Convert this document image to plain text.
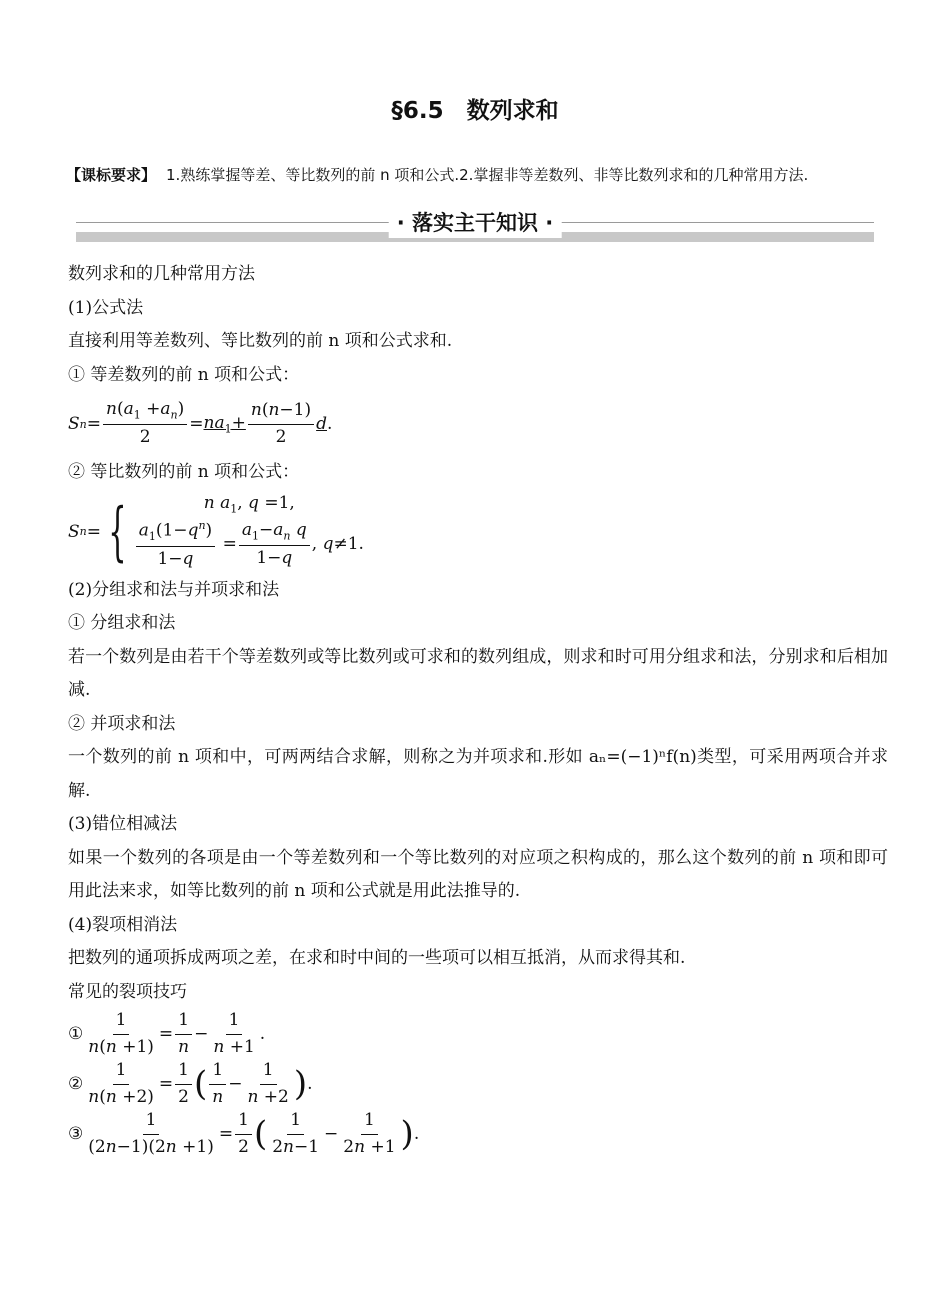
§6.5　数列求和
【课标要求】 1.熟练掌握等差、等比数列的前 n 项和公式.2.掌握非等差数列、非等比数列求和的几种常用方法.
· 落实主干知识 ·
数列求和的几种常用方法
(1)公式法
直接利用等差数列、等比数列的前 n 项和公式求和.
① 等差数列的前 n 项和公式：
S $n = \frac{n(a_1 +a_n)}{2} = na_1+ \frac{n(n-1)}{2}$ d .
② 等比数列的前 n 项和公式：
S n = {	n $a_1$, q =1,
$\frac{a_1(1-q^n)}{1-q} = \frac{a_1-a_n q}{1-q}$ , q≠1.
(2)分组求和法与并项求和法
① 分组求和法
若一个数列是由若干个等差数列或等比数列或可求和的数列组成，则求和时可用分组求和法，分别求和后相加减.
② 并项求和法
一个数列的前 n 项和中，可两两结合求解，则称之为并项求和.形如 aₙ=(−1)ⁿf(n)类型，可采用两项合并求解.
(3)错位相减法
如果一个数列的各项是由一个等差数列和一个等比数列的对应项之积构成的，那么这个数列的前 n 项和即可用此法来求，如等比数列的前 n 项和公式就是用此法推导的.
(4)裂项相消法
把数列的通项拆成两项之差，在求和时中间的一些项可以相互抵消，从而求得其和.
常见的裂项技巧
① $\frac{1}{n(n +1)} = \frac{1}{n} - \frac{1}{n +1}$ .
② $\frac{1}{n(n +2)} = \frac{1}{2}$ ( $\frac{1}{n} - \frac{1}{n +2}$ ) .
③ $\frac{1}{(2n-1)(2n +1)} = \frac{1}{2}$ ( $\frac{1}{2n-1} - \frac{1}{2n +1}$ ) .
